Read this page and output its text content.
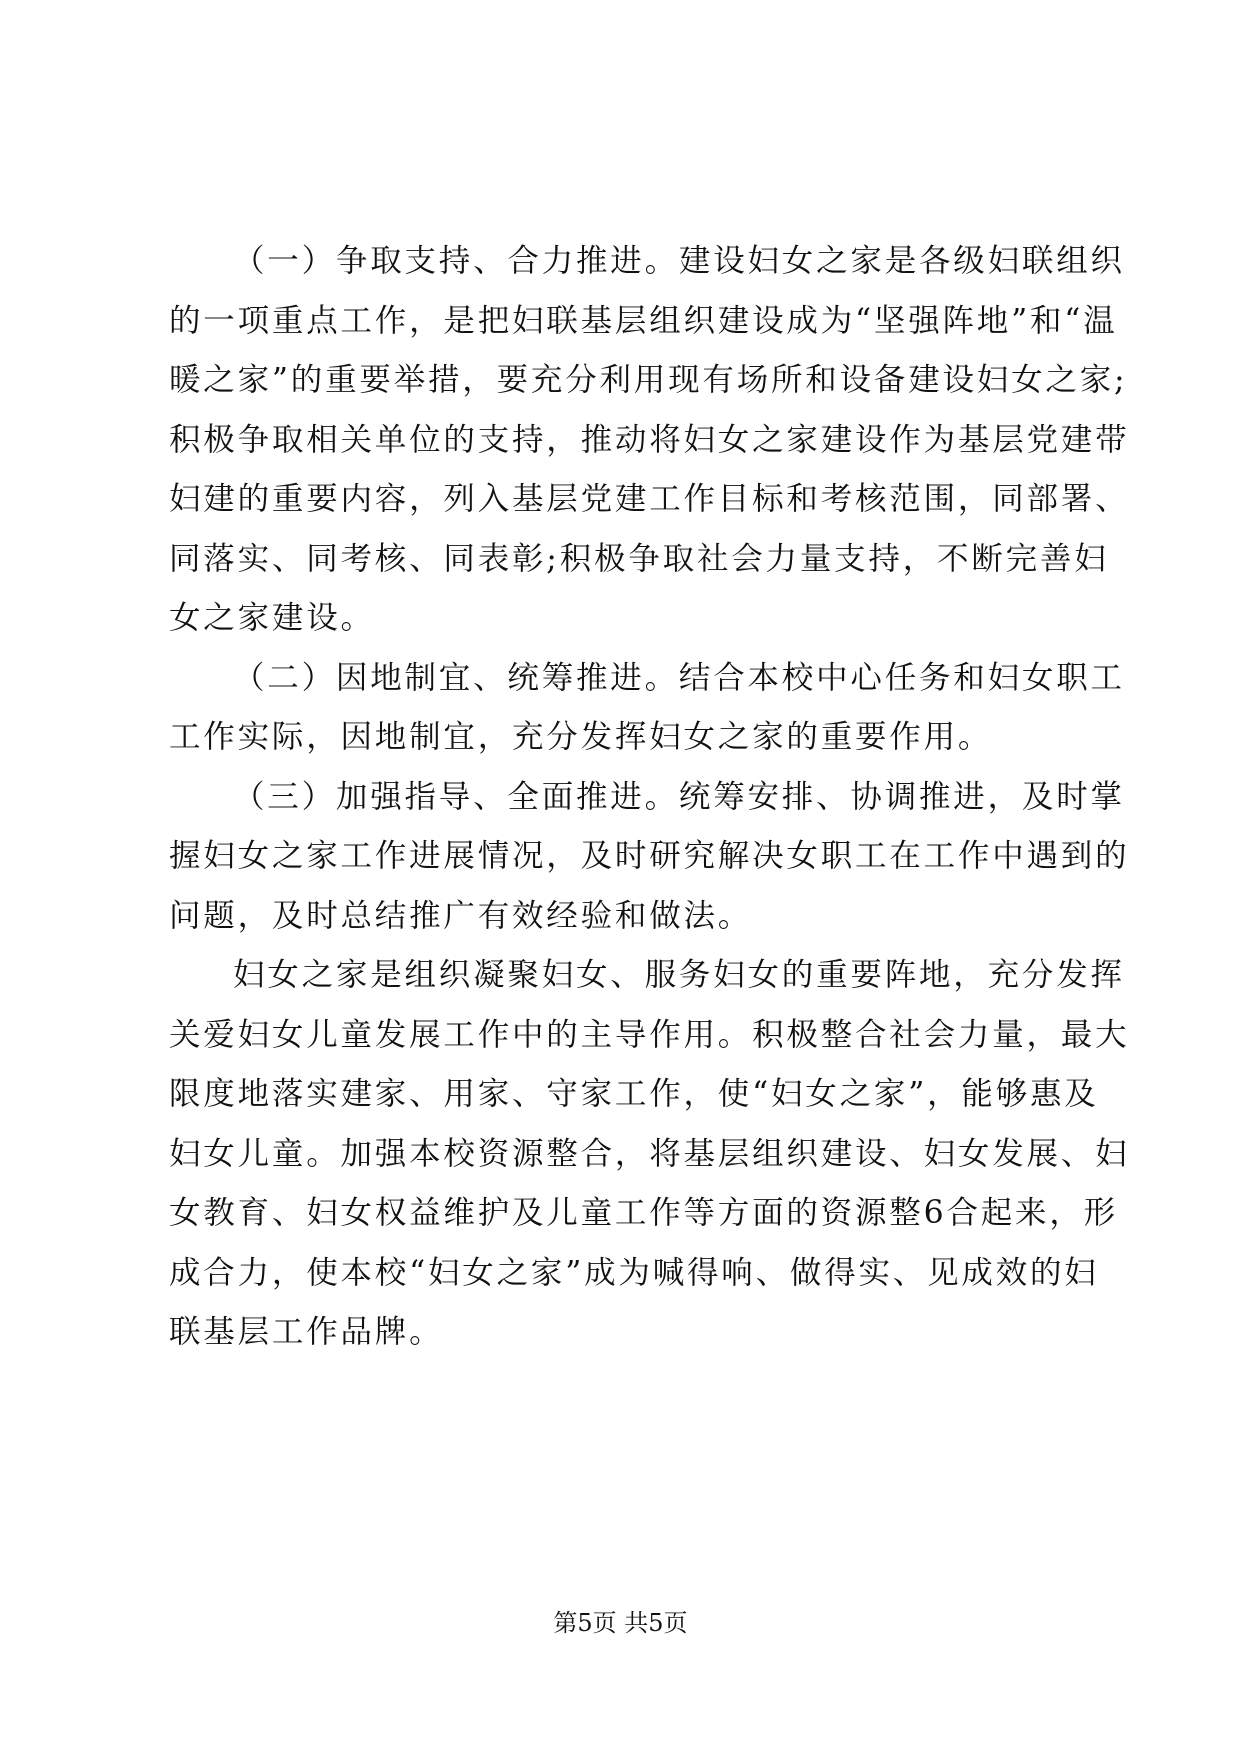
（一）争取支持、合力推进。建设妇女之家是各级妇联组织
的一项重点工作，是把妇联基层组织建设成为“坚强阵地”和“温
暖之家”的重要举措，要充分利用现有场所和设备建设妇女之家;
积极争取相关单位的支持，推动将妇女之家建设作为基层党建带
妇建的重要内容，列入基层党建工作目标和考核范围，同部署、
同落实、同考核、同表彰;积极争取社会力量支持，不断完善妇
女之家建设。
（二）因地制宜、统筹推进。结合本校中心任务和妇女职工
工作实际，因地制宜，充分发挥妇女之家的重要作用。
（三）加强指导、全面推进。统筹安排、协调推进，及时掌
握妇女之家工作进展情况，及时研究解决女职工在工作中遇到的
问题，及时总结推广有效经验和做法。
妇女之家是组织凝聚妇女、服务妇女的重要阵地，充分发挥
关爱妇女儿童发展工作中的主导作用。积极整合社会力量，最大
限度地落实建家、用家、守家工作，使“妇女之家”，能够惠及
妇女儿童。加强本校资源整合，将基层组织建设、妇女发展、妇
女教育、妇女权益维护及儿童工作等方面的资源整6合起来，形
成合力，使本校“妇女之家”成为喊得响、做得实、见成效的妇
联基层工作品牌。
第5页 共5页
